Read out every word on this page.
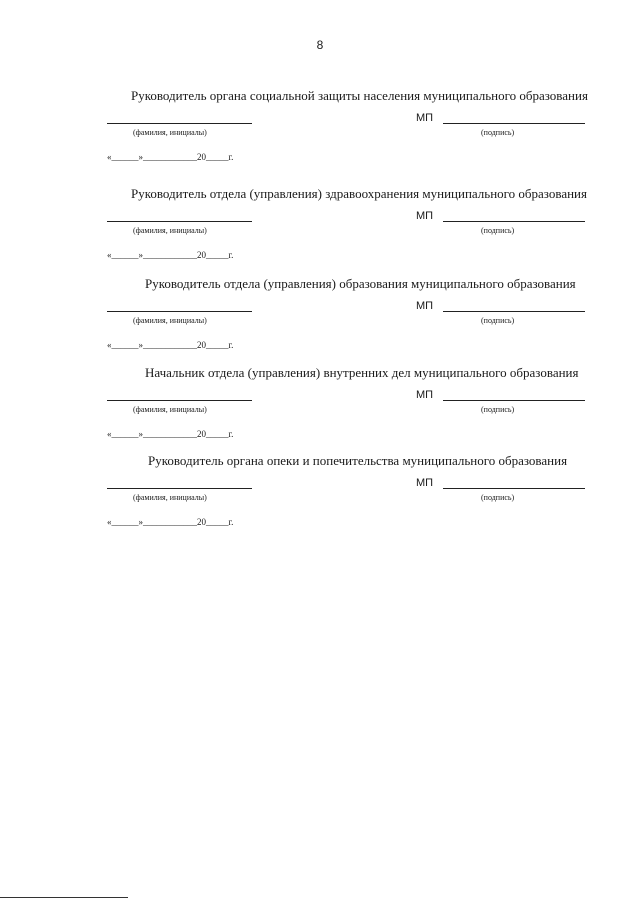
8
Руководитель органа социальной защиты населения муниципального образования
(фамилия, инициалы)
МП
(подпись)
«______»____________20_____г.
Руководитель отдела (управления) здравоохранения муниципального образования
(фамилия, инициалы)
МП
(подпись)
«______»____________20_____г.
Руководитель отдела (управления) образования муниципального образования
(фамилия, инициалы)
МП
(подпись)
«______»____________20_____г.
Начальник отдела (управления) внутренних дел муниципального образования
(фамилия, инициалы)
МП
(подпись)
«______»____________20_____г.
Руководитель органа опеки и попечительства муниципального образования
(фамилия, инициалы)
МП
(подпись)
«______»____________20_____г.
